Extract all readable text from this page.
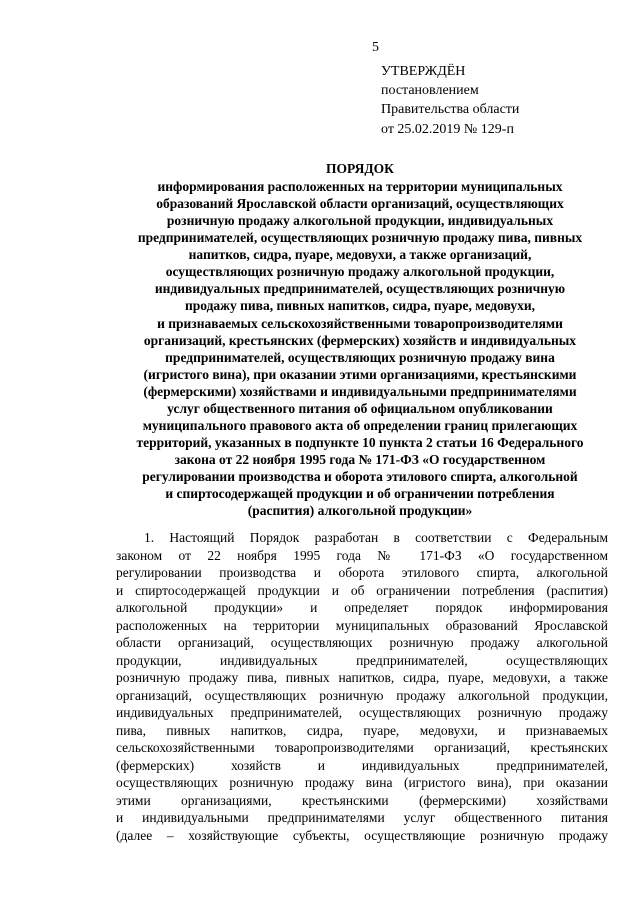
5
УТВЕРЖДЁН
постановлением
Правительства области
от 25.02.2019 № 129-п
ПОРЯДОК
информирования расположенных на территории муниципальных
образований Ярославской области организаций, осуществляющих
розничную продажу алкогольной продукции, индивидуальных
предпринимателей, осуществляющих розничную продажу пива, пивных
напитков, сидра, пуаре, медовухи, а также организаций,
осуществляющих розничную продажу алкогольной продукции,
индивидуальных предпринимателей, осуществляющих розничную
продажу пива, пивных напитков, сидра, пуаре, медовухи,
и признаваемых сельскохозяйственными товаропроизводителями
организаций, крестьянских (фермерских) хозяйств и индивидуальных
предпринимателей, осуществляющих розничную продажу вина
(игристого вина), при оказании этими организациями, крестьянскими
(фермерскими) хозяйствами и индивидуальными предпринимателями
услуг общественного питания об официальном опубликовании
муниципального правового акта об определении границ прилегающих
территорий, указанных в подпункте 10 пункта 2 статьи 16 Федерального
закона от 22 ноября 1995 года № 171-ФЗ «О государственном
регулировании производства и оборота этилового спирта, алкогольной
и спиртосодержащей продукции и об ограничении потребления
(распития) алкогольной продукции»
1. Настоящий Порядок разработан в соответствии с Федеральным
законом от 22 ноября 1995 года № 171-ФЗ «О государственном
регулировании производства и оборота этилового спирта, алкогольной
и спиртосодержащей продукции и об ограничении потребления (распития)
алкогольной продукции» и определяет порядок информирования
расположенных на территории муниципальных образований Ярославской
области организаций, осуществляющих розничную продажу алкогольной
продукции, индивидуальных предпринимателей, осуществляющих
розничную продажу пива, пивных напитков, сидра, пуаре, медовухи, а также
организаций, осуществляющих розничную продажу алкогольной продукции,
индивидуальных предпринимателей, осуществляющих розничную продажу
пива, пивных напитков, сидра, пуаре, медовухи, и признаваемых
сельскохозяйственными товаропроизводителями организаций, крестьянских
(фермерских) хозяйств и индивидуальных предпринимателей,
осуществляющих розничную продажу вина (игристого вина), при оказании
этими организациями, крестьянскими (фермерскими) хозяйствами
и индивидуальными предпринимателями услуг общественного питания
(далее – хозяйствующие субъекты, осуществляющие розничную продажу
